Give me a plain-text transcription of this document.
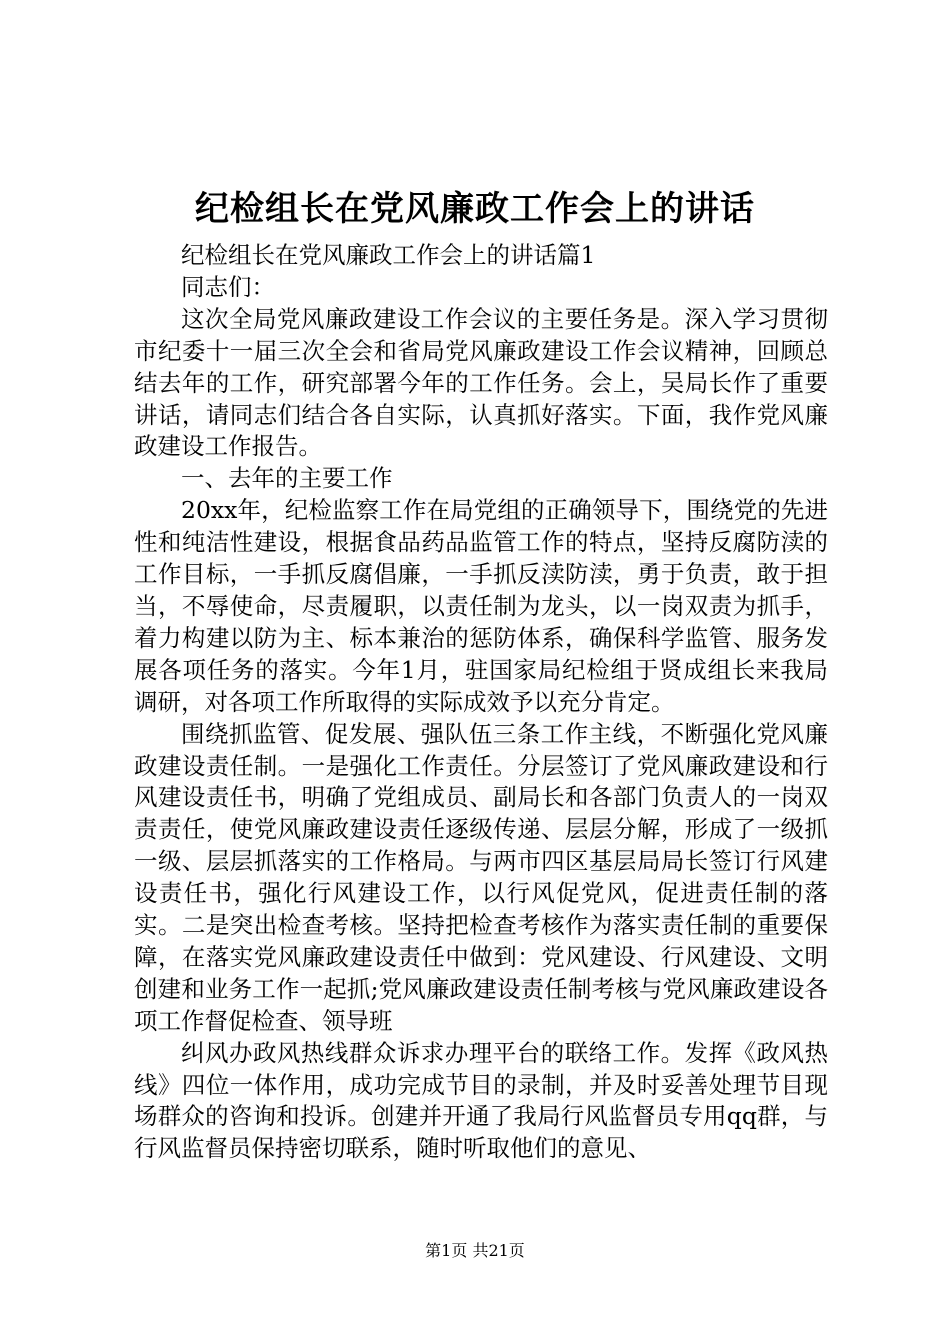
纪检组长在党风廉政工作会上的讲话

纪检组长在党风廉政工作会上的讲话篇1

同志们：

这次全局党风廉政建设工作会议的主要任务是。深入学习贯彻市纪委十一届三次全会和省局党风廉政建设工作会议精神，回顾总结去年的工作，研究部署今年的工作任务。会上，吴局长作了重要讲话，请同志们结合各自实际，认真抓好落实。下面，我作党风廉政建设工作报告。

一、去年的主要工作

20xx年，纪检监察工作在局党组的正确领导下，围绕党的先进性和纯洁性建设，根据食品药品监管工作的特点，坚持反腐防渎的工作目标，一手抓反腐倡廉，一手抓反渎防渎，勇于负责，敢于担当，不辱使命，尽责履职，以责任制为龙头，以一岗双责为抓手，着力构建以防为主、标本兼治的惩防体系，确保科学监管、服务发展各项任务的落实。今年1月，驻国家局纪检组于贤成组长来我局调研，对各项工作所取得的实际成效予以充分肯定。

围绕抓监管、促发展、强队伍三条工作主线，不断强化党风廉政建设责任制。一是强化工作责任。分层签订了党风廉政建设和行风建设责任书，明确了党组成员、副局长和各部门负责人的一岗双责责任，使党风廉政建设责任逐级传递、层层分解，形成了一级抓一级、层层抓落实的工作格局。与两市四区基层局局长签订行风建设责任书，强化行风建设工作，以行风促党风，促进责任制的落实。二是突出检查考核。坚持把检查考核作为落实责任制的重要保障，在落实党风廉政建设责任中做到：党风建设、行风建设、文明创建和业务工作一起抓;党风廉政建设责任制考核与党风廉政建设各项工作督促检查、领导班

纠风办政风热线群众诉求办理平台的联络工作。发挥《政风热线》四位一体作用，成功完成节目的录制，并及时妥善处理节目现场群众的咨询和投诉。创建并开通了我局行风监督员专用qq群，与行风监督员保持密切联系，随时听取他们的意见、

第1页 共21页
